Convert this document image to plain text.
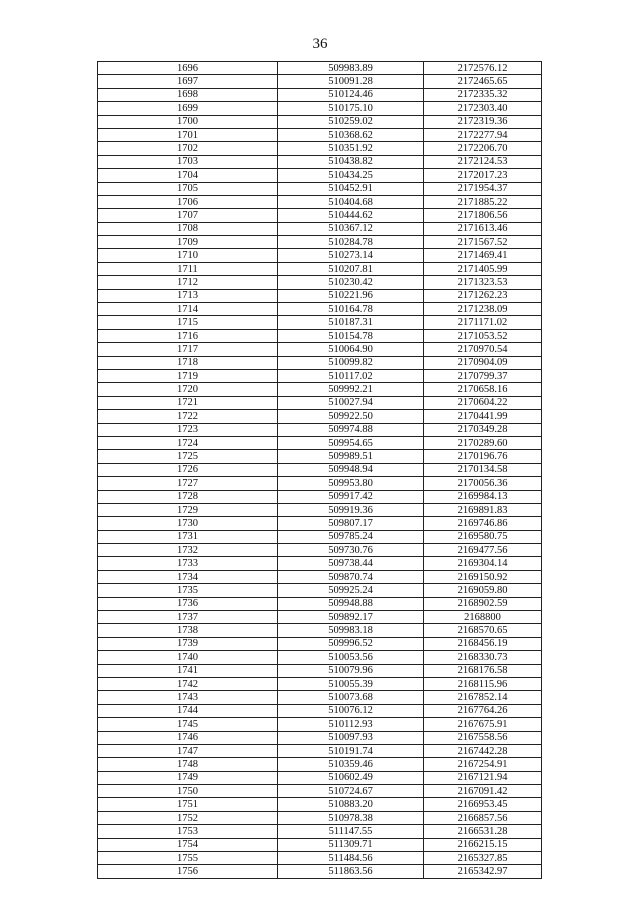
36
1696	509983.89	2172576.12
1697	510091.28	2172465.65
1698	510124.46	2172335.32
1699	510175.10	2172303.40
1700	510259.02	2172319.36
1701	510368.62	2172277.94
1702	510351.92	2172206.70
1703	510438.82	2172124.53
1704	510434.25	2172017.23
1705	510452.91	2171954.37
1706	510404.68	2171885.22
1707	510444.62	2171806.56
1708	510367.12	2171613.46
1709	510284.78	2171567.52
1710	510273.14	2171469.41
1711	510207.81	2171405.99
1712	510230.42	2171323.53
1713	510221.96	2171262.23
1714	510164.78	2171238.09
1715	510187.31	2171171.02
1716	510154.78	2171053.52
1717	510064.90	2170970.54
1718	510099.82	2170904.09
1719	510117.02	2170799.37
1720	509992.21	2170658.16
1721	510027.94	2170604.22
1722	509922.50	2170441.99
1723	509974.88	2170349.28
1724	509954.65	2170289.60
1725	509989.51	2170196.76
1726	509948.94	2170134.58
1727	509953.80	2170056.36
1728	509917.42	2169984.13
1729	509919.36	2169891.83
1730	509807.17	2169746.86
1731	509785.24	2169580.75
1732	509730.76	2169477.56
1733	509738.44	2169304.14
1734	509870.74	2169150.92
1735	509925.24	2169059.80
1736	509948.88	2168902.59
1737	509892.17	2168800
1738	509983.18	2168570.65
1739	509996.52	2168456.19
1740	510053.56	2168330.73
1741	510079.96	2168176.58
1742	510055.39	2168115.96
1743	510073.68	2167852.14
1744	510076.12	2167764.26
1745	510112.93	2167675.91
1746	510097.93	2167558.56
1747	510191.74	2167442.28
1748	510359.46	2167254.91
1749	510602.49	2167121.94
1750	510724.67	2167091.42
1751	510883.20	2166953.45
1752	510978.38	2166857.56
1753	511147.55	2166531.28
1754	511309.71	2166215.15
1755	511484.56	2165327.85
1756	511863.56	2165342.97
